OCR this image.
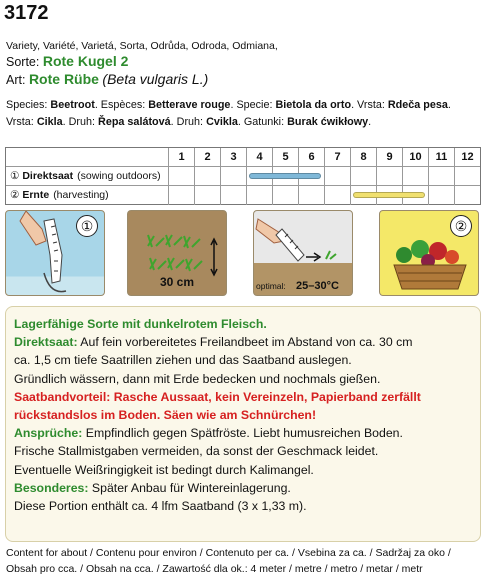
3172
Variety, Variété, Varietá, Sorta, Odrůda, Odroda, Odmiana,
Sorte: Rote Kugel 2
Art: Rote Rübe (Beta vulgaris L.)
Species: Beetroot. Espèces: Betterave rouge. Specie: Bietola da orto. Vrsta: Rdeča pesa.
Vrsta: Cikla. Druh: Řepa salátová. Druh: Cvikla. Gatunki: Burak ćwikłowy.
1	2	3	4	5	6	7	8	9	10	11	12
① Direktsaat (sowing outdoors)
② Ernte (harvesting)
①
30 cm	optimal: 25–30°C
②

Lagerfähige Sorte mit dunkelrotem Fleisch.

Direktsaat: Auf fein vorbereitetes Freilandbeet im Abstand von ca. 30 cm

ca. 1,5 cm tiefe Saatrillen ziehen und das Saatband auslegen.

Gründlich wässern, dann mit Erde bedecken und nochmals gießen.

Saatbandvorteil: Rasche Aussaat, kein Vereinzeln, Papierband zerfällt

rückstandslos im Boden. Säen wie am Schnürchen!

Ansprüche: Empfindlich gegen Spätfröste. Liebt humusreichen Boden.

Frische Stallmistgaben vermeiden, da sonst der Geschmack leidet.

Eventuelle Weißringigkeit ist bedingt durch Kalimangel.

Besonderes: Später Anbau für Wintereinlagerung.

Diese Portion enthält ca. 4 lfm Saatband (3 x 1,33 m).

Content for about / Contenu pour environ / Contenuto per ca. / Vsebina za ca. / Sadržaj za oko /
Obsah pro cca. / Obsah na cca. / Zawartość dla ok.: 4 meter / metre / metro / metar / metr
